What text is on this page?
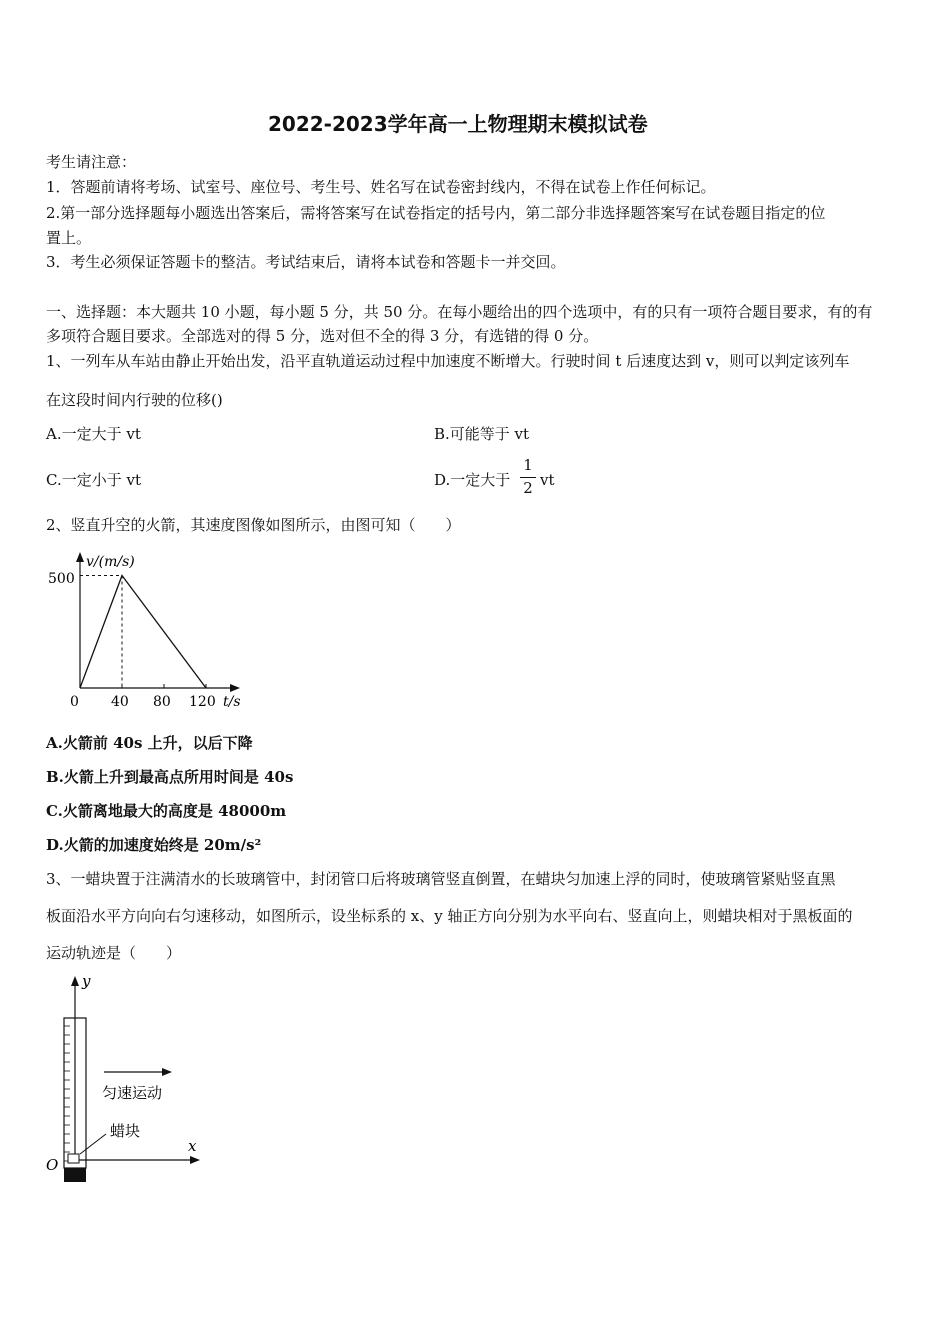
2022-2023学年高一上物理期末模拟试卷
考生请注意：
1．答题前请将考场、试室号、座位号、考生号、姓名写在试卷密封线内，不得在试卷上作任何标记。
2.第一部分选择题每小题选出答案后，需将答案写在试卷指定的括号内，第二部分非选择题答案写在试卷题目指定的位
置上。
3．考生必须保证答题卡的整洁。考试结束后，请将本试卷和答题卡一并交回。
一、选择题：本大题共 10 小题，每小题 5 分，共 50 分。在每小题给出的四个选项中，有的只有一项符合题目要求，有的有
多项符合题目要求。全部选对的得 5 分，选对但不全的得 3 分，有选错的得 0 分。
1、一列车从车站由静止开始出发，沿平直轨道运动过程中加速度不断增大。行驶时间 t 后速度达到 v，则可以判定该列车
在这段时间内行驶的位移()
A.一定大于 vt	B.可能等于 vt
C.一定小于 vt	D.一定大于
1
2 vt
2、竖直升空的火箭，其速度图像如图所示，由图可知（　　）
v/(m/s)
500
0 40 80 120 t/s
A.火箭前 40s 上升，以后下降
B.火箭上升到最高点所用时间是 40s
C.火箭离地最大的高度是 48000m
D.火箭的加速度始终是 20m/s²
3、一蜡块置于注满清水的长玻璃管中，封闭管口后将玻璃管竖直倒置，在蜡块匀加速上浮的同时，使玻璃管紧贴竖直黑
板面沿水平方向向右匀速移动，如图所示，设坐标系的 x、y 轴正方向分别为水平向右、竖直向上，则蜡块相对于黑板面的
运动轨迹是（　　）
y
x
O
蜡块
匀速运动
